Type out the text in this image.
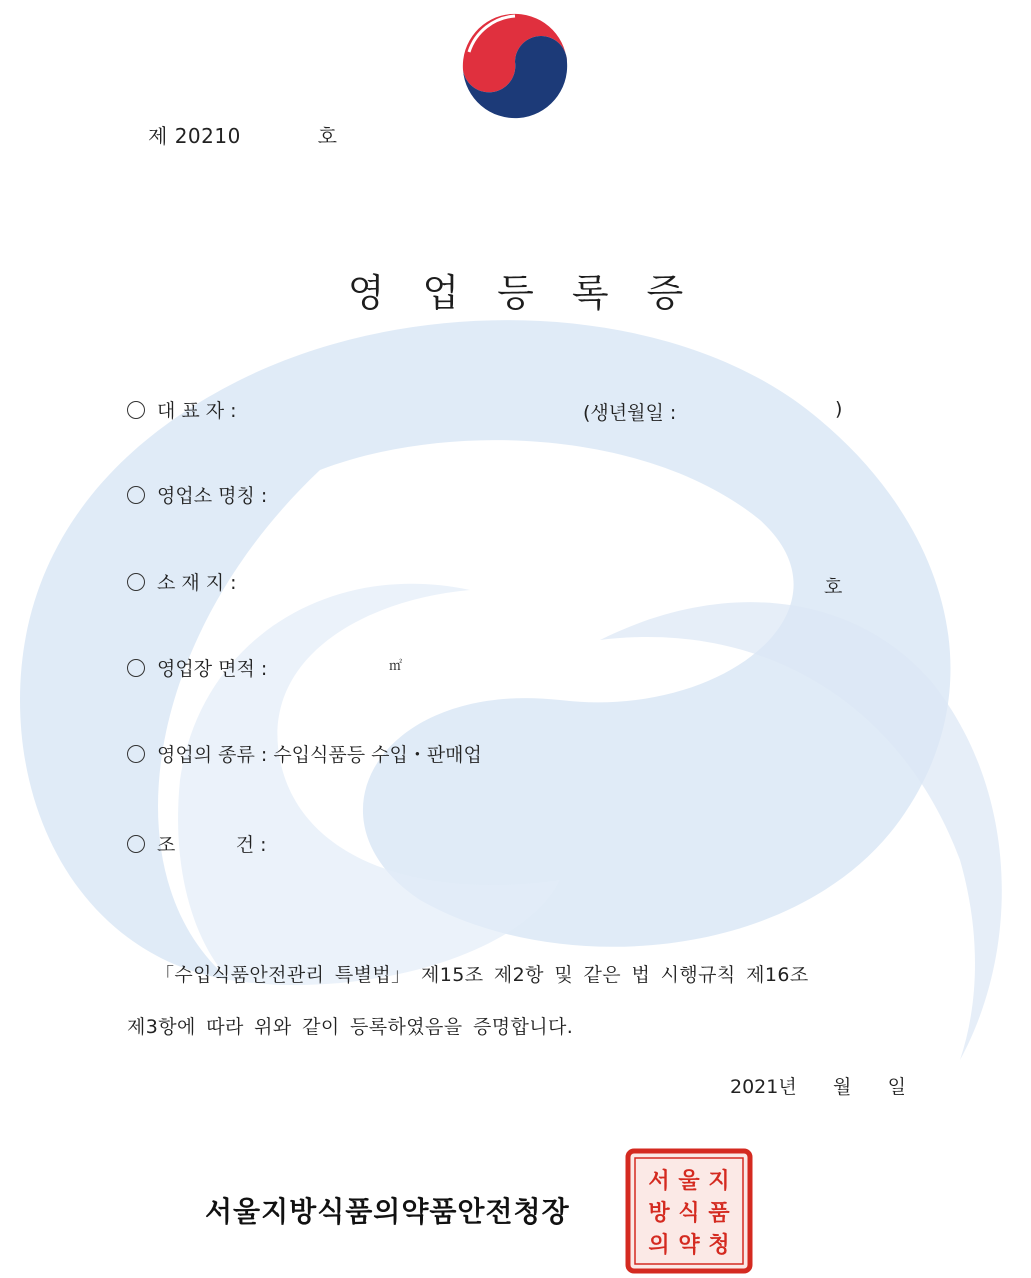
제 20210	호
영업등록증
대 표 자 :	(생년월일 :	)
영업소 명칭 :
소 재 지 :	호
영업장 면적 :	㎡
영업의 종류 : 수입식품등 수입・판매업
조          건 :
「수입식품안전관리 특별법」 제15조 제2항 및 같은 법 시행규칙 제16조
제3항에 따라 위와 같이 등록하였음을 증명합니다.
2021년 월 일
서울지방식품의약품안전청장
서 울 지
방 식 품
의 약 청
